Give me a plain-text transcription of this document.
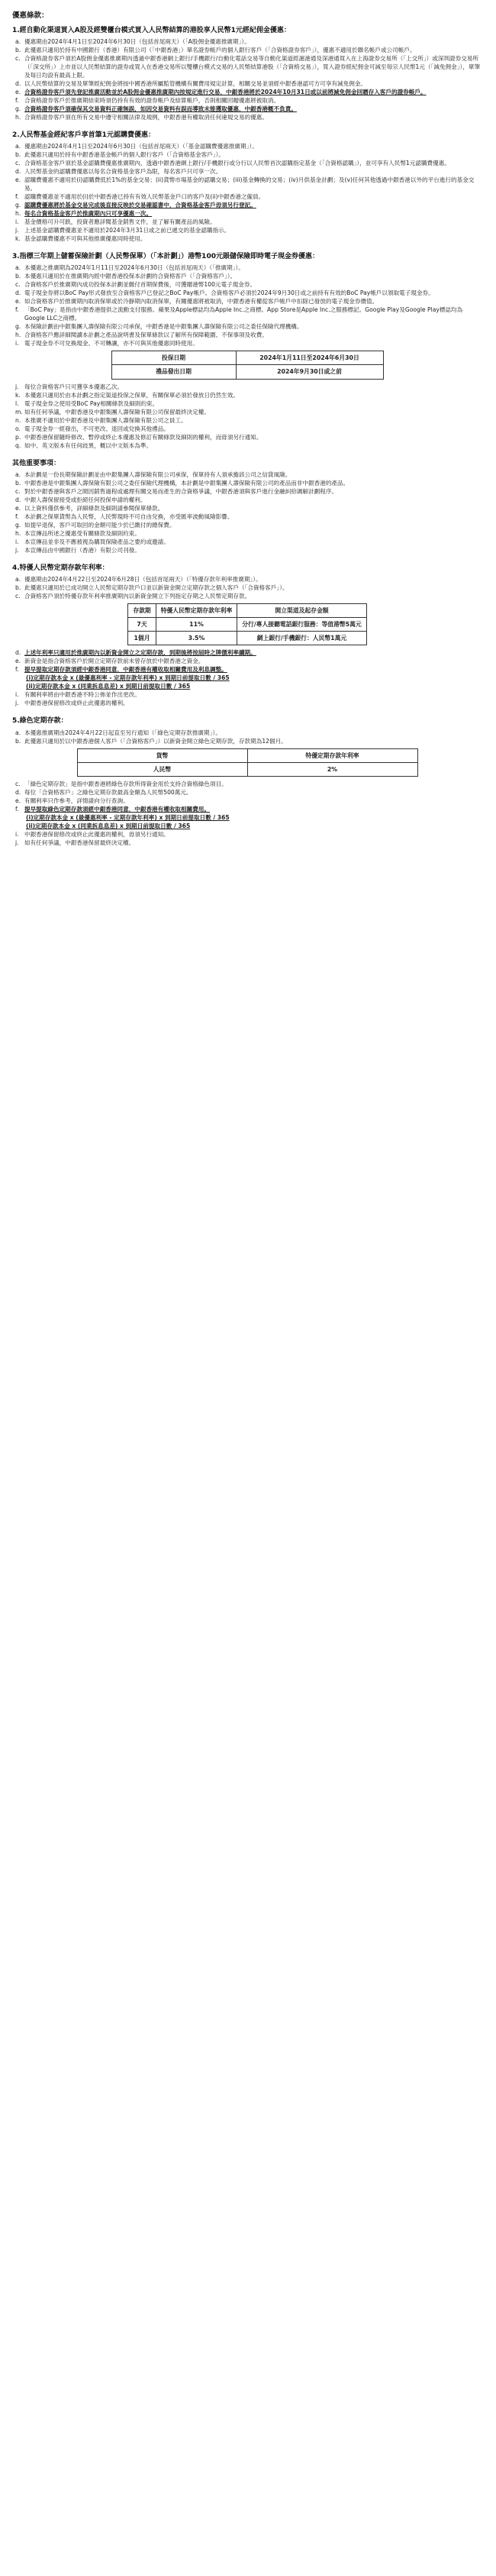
優惠條款：
1.經自動化渠道買入A股及經雙櫃台模式買入人民幣結算的港股享人民幣1元經紀佣金優惠：
a. 優惠期由2024年4月1日至2024年6月30日（包括首尾兩天）（「A股佣金優惠推廣期」）。
b. 此優惠只適用於持有中國銀行（香港）有限公司（「中銀香港」）單名證券帳戶的個人銀行客戶（「合資格證券客戶」），優惠不適用於聯名帳戶或公司帳戶。
c. 合資格證券客戶須於A股佣金優惠推廣期內透過中銀香港網上銀行/手機銀行/自動化電話交易等自動化渠道經滬港通及深港通買入在上海證券交易所（「上交所」）或深圳證券交易所（「深交所」）上市並以人民幣結算的證券或買入在香港交易所以雙櫃台模式交易的人民幣結算港股（「合資格交易」），買入證券經紀佣金可減至每宗人民幣1元（「減免佣金」），單筆及每日均設有最高上限。
d. 以人民幣結算的交易及單筆經紀佣金將按中國香港所屬監管機構有關費用規定計算，相關交易並須經中銀香港認可方可享有減免佣金。
e. 合資格證券客戶須先登記推廣活動並於A股佣金優惠推廣期內按規定進行交易，中銀香港將於2024年10月31日或以前將減免佣金回贈存入客戶的證券帳戶。
f. 合資格證券客戶於推廣期結束時須仍持有有效的證券帳戶及結算帳戶，否則相關回贈優惠將被取消。
g. 合資格證券客戶須確保其交易資料正確無誤，如因交易資料有誤而導致未能獲取優惠，中銀香港概不負責。
h. 合資格證券客戶須在所有交易中遵守相關法律及規例，中銀香港有權取消任何違規交易的優惠。
2.人民幣基金經紀客戶享首筆1元認購費優惠：
a. 優惠期由2024年4月1日至2024年6月30日（包括首尾兩天）（「基金認購費優惠推廣期」）。
b. 此優惠只適用於持有中銀香港基金帳戶的個人銀行客戶（「合資格基金客戶」）。
c. 合資格基金客戶須於基金認購費優惠推廣期內，透過中銀香港網上銀行/手機銀行或分行以人民幣首次認購指定基金（「合資格認購」），並可享有人民幣1元認購費優惠。
d. 人民幣基金的認購費優惠以每名合資格基金客戶為限，每名客戶只可享一次。
e. 認購費優惠不適用於(i)認購費低於1%的基金交易；(ii)貨幣市場基金的認購交易；(iii)基金轉換的交易；(iv)月供基金計劃；及(v)任何其他透過中銀香港以外的平台進行的基金交易。
f. 認購費優惠並不適用於(i)於中銀香港已持有有效人民幣基金戶口的客戶及(ii)中銀香港之僱員。
g. 認購費優惠將於基金交易完成後直接反映於交易確認書中，合資格基金客戶毋須另行登記。
h. 每名合資格基金客戶於推廣期內只可享優惠一次。
i. 基金價格可升可跌，投資者應詳閱基金銷售文件，並了解有關產品的風險。
j. 上述基金認購費優惠並不適用於2024年3月31日或之前已遞交的基金認購指示。
k. 基金認購費優惠不可與其他推廣優惠同時使用。
3.指標三年期上儲蓄保險計劃（人民幣保單）（「本計劃」）港幣100元賬儲保險即時電子現金券優惠：
a. 本優惠之推廣期為2024年1月11日至2024年6月30日（包括首尾兩天）（「推廣期」）。
b. 本優惠只適用於在推廣期內經中銀香港投保本計劃的合資格客戶（「合資格客戶」）。
c. 合資格客戶於推廣期內成功投保本計劃並繳付首期保費後，可獲贈港幣100元電子現金券。
d. 電子現金券將以BoC Pay形式發放至合資格客戶已登記之BoC Pay帳戶。合資格客戶必須於2024年9月30日或之前持有有效的BoC Pay帳戶以領取電子現金券。
e. 如合資格客戶於推廣期內取消保單或於冷靜期內取消保單，有關優惠將被取消，中銀香港有權從客戶帳戶中扣除已發放的電子現金券價值。
f. 「BoC Pay」是指由中銀香港提供之流動支付服務。蘋果及Apple標誌均為Apple Inc.之商標。App Store是Apple Inc.之服務標記。Google Play及Google Play標誌均為Google LLC之商標。
g. 本保險計劃由中銀集團人壽保險有限公司承保，中銀香港是中銀集團人壽保險有限公司之委任保險代理機構。
h. 合資格客戶應詳細閱讀本計劃之產品說明書及保單條款以了解所有保障範圍、不保事項及收費。
i. 電子現金券不可兌換現金、不可轉讓，亦不可與其他優惠同時使用。
投保日期	2024年1月11日至2024年6月30日
禮品發出日期	2024年9月30日或之前
j. 每位合資格客戶只可獲享本優惠乙次。
k. 本優惠只適用於由本計劃之指定渠道投保之保單，有關保單必須於發放日仍然生效。
l. 電子現金券之使用受BoC Pay相關條款及細則約束。
m. 如有任何爭議，中銀香港及中銀集團人壽保險有限公司保留最終決定權。
n. 本推廣不適用於中銀香港及中銀集團人壽保險有限公司之員工。
o. 電子現金券一經發出，不可更改、退回或兌換其他禮品。
p. 中銀香港保留隨時修改、暫停或終止本優惠及修訂有關條款及細則的權利，而毋須另行通知。
q. 如中、英文版本有任何歧異，概以中文版本為準。
其他重要事項：
a. 本計劃是一份長期保險計劃並由中銀集團人壽保險有限公司承保，保單持有人須承擔該公司之信貸風險。
b. 中銀香港是中銀集團人壽保險有限公司之委任保險代理機構，本計劃是中銀集團人壽保險有限公司的產品而非中銀香港的產品。
c. 對於中銀香港與客戶之間因銷售過程或處理有關交易而產生的合資格爭議，中銀香港須與客戶進行金融糾紛調解計劃程序。
d. 中銀人壽保留接受或拒絕任何投保申請的權利。
e. 以上資料僅供參考，詳細條款及細則請參閱保單條款。
f. 本計劃之保單貨幣為人民幣，人民幣現時不可自由兌換，亦受匯率波動風險影響。
g. 如提早退保，客戶可取回的金額可能少於已繳付的總保費。
h. 本宣傳品所述之優惠受有關條款及細則約束。
i. 本宣傳品並非及不應被視為購買保險產品之要約或邀請。
j. 本宣傳品由中國銀行（香港）有限公司刊發。
4.特優人民幣定期存款年利率：
a. 優惠期由2024年4月22日至2024年6月28日（包括首尾兩天）（「特優存款年利率推廣期」）。
b. 此優惠只適用於已成功開立人民幣定期存款戶口並以新資金開立定期存款之個人客戶（「合資格客戶」）。
c. 合資格客戶須於特優存款年利率推廣期內以新資金開立下列指定存期之人民幣定期存款。
存款期	特優人民幣定期存款年利率	開立渠道及起存金額
7天	11%	分行/專人接聽電話銀行服務：等值港幣5萬元
1個月	3.5%	網上銀行/手機銀行：人民幣1萬元
d. 上述年利率只適用於推廣期內以新資金開立之定期存款，到期後將按屆時之牌價利率續期。
e. 新資金是指合資格客戶於開立定期存款前未曾存放於中銀香港之資金。
f. 提早提取定期存款須經中銀香港同意，中銀香港有權收取相關費用及利息調整。
(i)定期存款本金 x (最優惠利率 - 定期存款年利率) x 到期日前提取日數 / 365
(ii)定期存款本金 x (同業拆息息差) x 到期日前提取日數 / 365
i. 有關利率將由中銀香港不時公佈並作出更改。
j. 中銀香港保留修改或終止此優惠的權利。
5.綠色定期存款：
a. 本優惠推廣期由2024年4月22日起直至另行通知（「綠色定期存款推廣期」）。
b. 此優惠只適用於以中銀香港個人客戶（「合資格客戶」）以新資金開立綠色定期存款，存款期為12個月。
貨幣	特優定期存款年利率
人民幣	2%
c. 「綠色定期存款」是指中銀香港將綠色存款所得資金用於支持合資格綠色項目。
d. 每位「合資格客戶」之綠色定期存款最高金額為人民幣500萬元。
e. 有關利率只作參考，詳情請向分行查詢。
f. 提早提取綠色定期存款須經中銀香港同意，中銀香港有權收取相關費用。
(i)定期存款本金 x (最優惠利率 - 定期存款年利率) x 到期日前提取日數 / 365
(ii)定期存款本金 x (同業拆息息差) x 到期日前提取日數 / 365
i. 中銀香港保留修改或終止此優惠的權利，毋須另行通知。
j. 如有任何爭議，中銀香港保留最終決定權。
